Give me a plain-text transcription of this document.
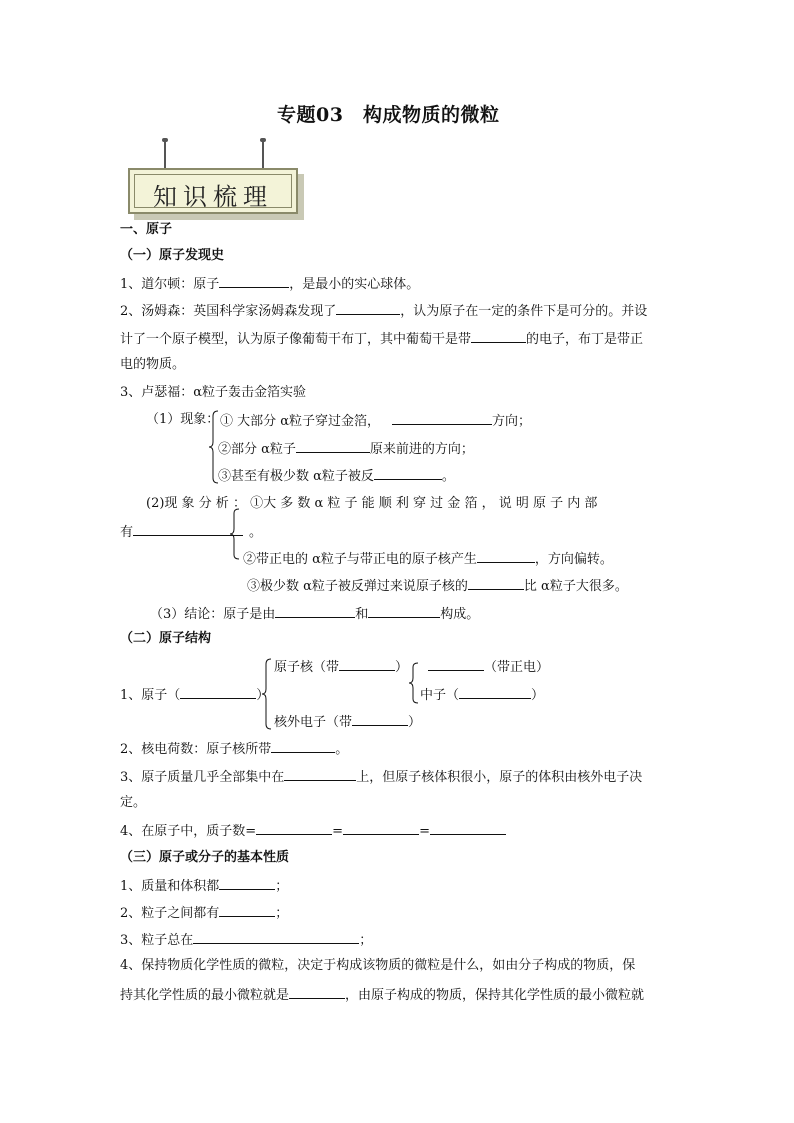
专题03　构成物质的微粒
知识梳理
一、原子
（一）原子发现史
1、道尔顿：原子	，是最小的实心球体。
2、汤姆森：英国科学家汤姆森发现了	，认为原子在一定的条件下是可分的。并设
计了一个原子模型，认为原子像葡萄干布丁，其中葡萄干是带	的电子，布丁是带正
电的物质。
3、卢瑟福：α粒子轰击金箔实验
（1）现象： ① 大部分 α粒子穿过金箔，	方向；
②部分 α粒子	原来前进的方向；
③甚至有极少数 α粒子被反	。
(2)现 象 分 析 ： ①大 多 数 α 粒 子 能 顺 利 穿 过 金 箔 ， 说 明 原 子 内 部
有	。
②带正电的 α粒子与带正电的原子核产生	，方向偏转。
③极少数 α粒子被反弹过来说原子核的	比 α粒子大很多。
（3）结论：原子是由	和	构成。
（二）原子结构
1、原子（	）
原子核（带	）	（带正电）
中子（	）
核外电子（带	）
2、核电荷数：原子核所带	。
3、原子质量几乎全部集中在	上，但原子核体积很小，原子的体积由核外电子决
定。
4、在原子中，质子数=	=	=
（三）原子或分子的基本性质
1、质量和体积都	；
2、粒子之间都有	；
3、粒子总在	；
4、保持物质化学性质的微粒，决定于构成该物质的微粒是什么，如由分子构成的物质，保
持其化学性质的最小微粒就是	，由原子构成的物质，保持其化学性质的最小微粒就
